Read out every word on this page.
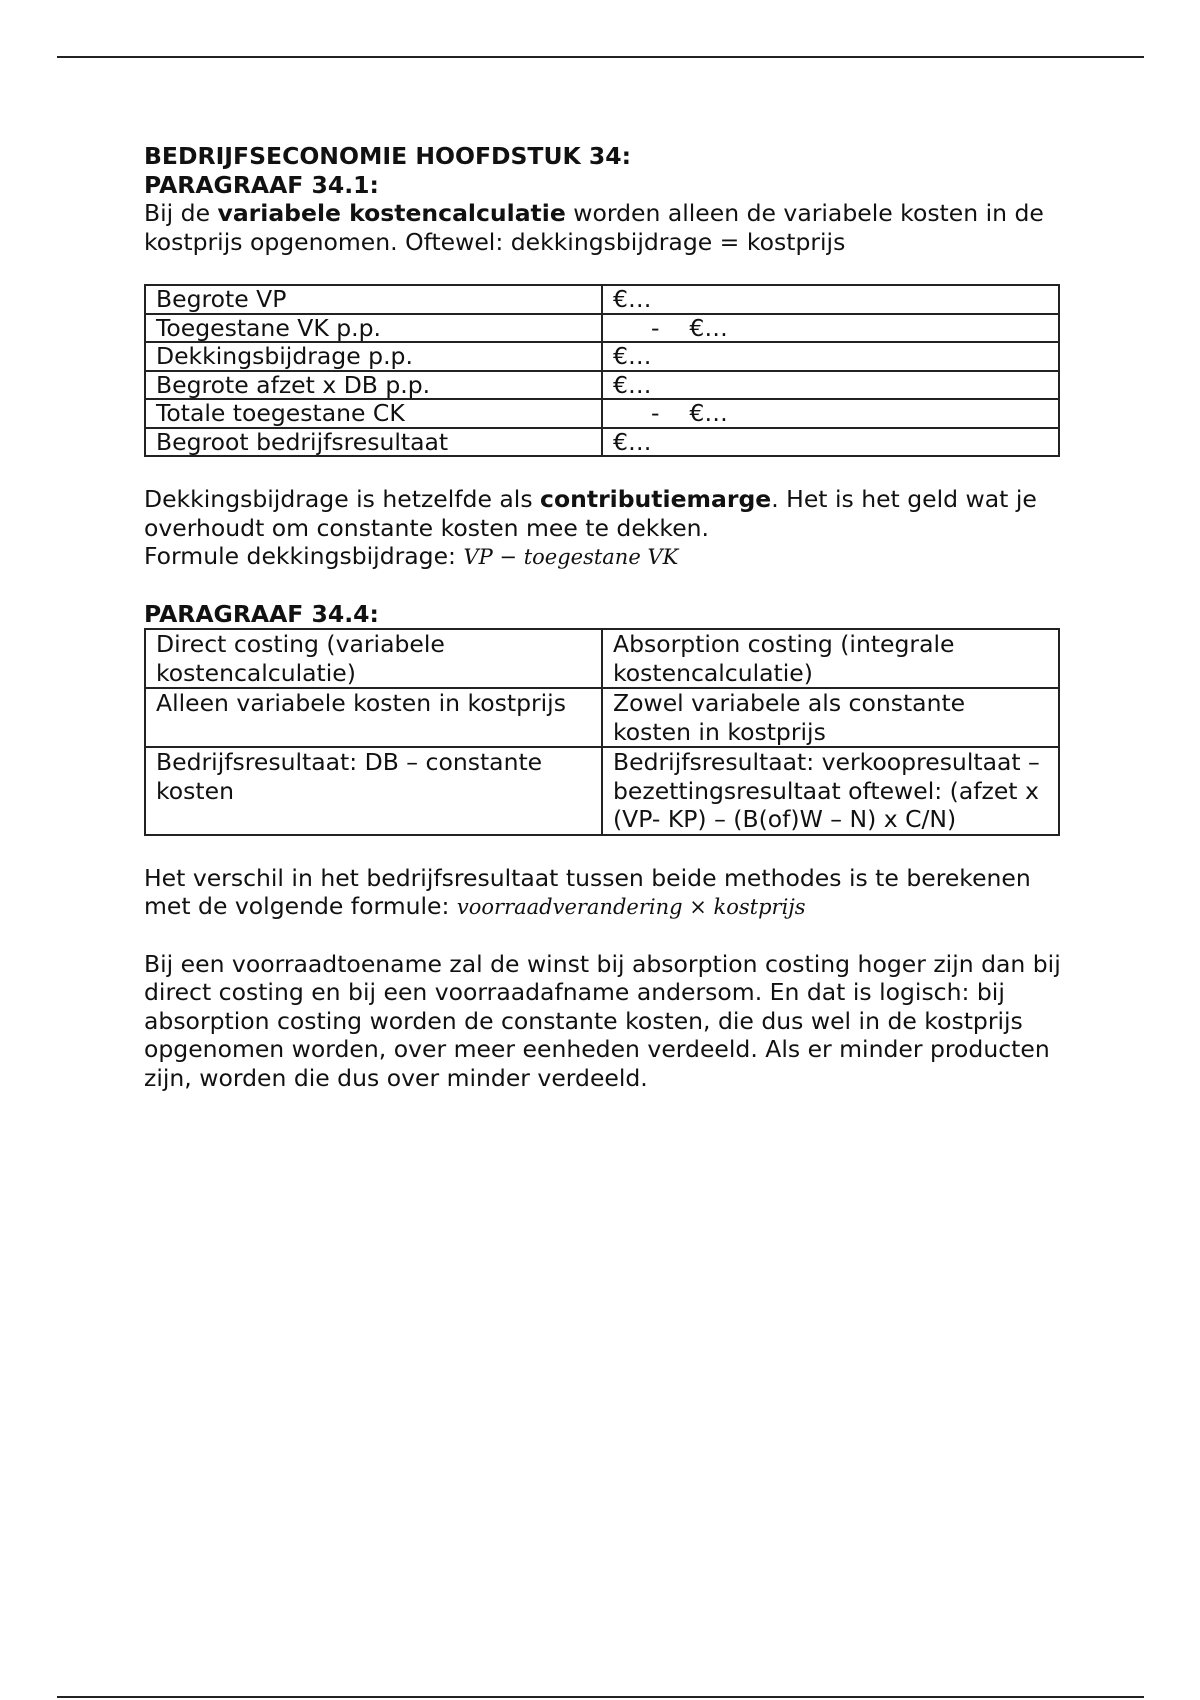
BEDRIJFSECONOMIE HOOFDSTUK 34:

PARAGRAAF 34.1:

Bij de variabele kostencalculatie worden alleen de variabele kosten in de kostprijs opgenomen. Oftewel: dekkingsbijdrage = kostprijs

Begrote VP	€…
Toegestane VK p.p.	- €…
Dekkingsbijdrage p.p.	€…
Begrote afzet x DB p.p.	€…
Totale toegestane CK	- €…
Begroot bedrijfsresultaat	€…

Dekkingsbijdrage is hetzelfde als contributiemarge. Het is het geld wat je overhoudt om constante kosten mee te dekken.

Formule dekkingsbijdrage: VP − toegestane VK

PARAGRAAF 34.4:

Direct costing (variabele kostencalculatie)	Absorption costing (integrale kostencalculatie)
Alleen variabele kosten in kostprijs	Zowel variabele als constante kosten in kostprijs
Bedrijfsresultaat: DB – constante kosten	Bedrijfsresultaat: verkoopresultaat – bezettingsresultaat oftewel: (afzet x (VP- KP) – (B(of)W – N) x C/N)

Het verschil in het bedrijfsresultaat tussen beide methodes is te berekenen met de volgende formule: voorraadverandering × kostprijs

Bij een voorraadtoename zal de winst bij absorption costing hoger zijn dan bij direct costing en bij een voorraadafname andersom. En dat is logisch: bij absorption costing worden de constante kosten, die dus wel in de kostprijs opgenomen worden, over meer eenheden verdeeld. Als er minder producten zijn, worden die dus over minder verdeeld.
